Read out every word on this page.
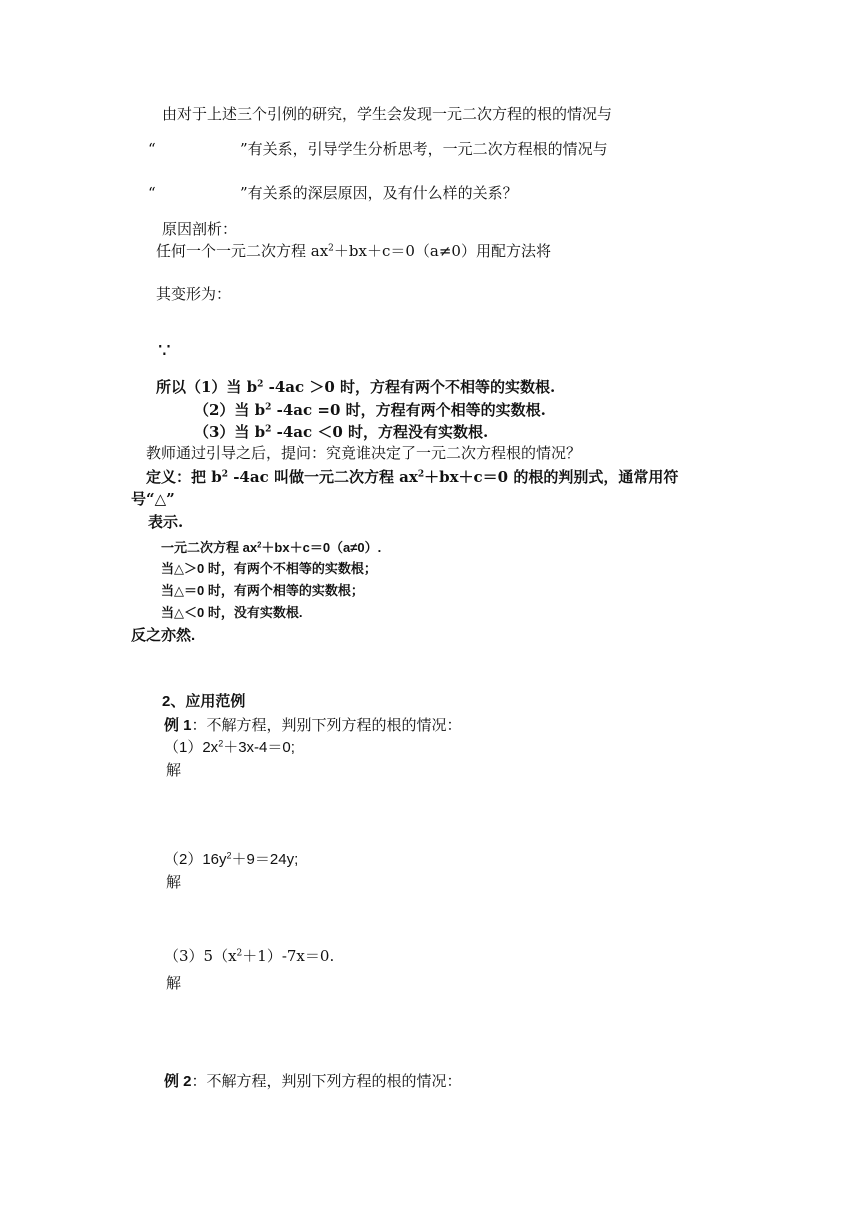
由对于上述三个引例的研究，学生会发现一元二次方程的根的情况与
“	”有关系，引导学生分析思考，一元二次方程根的情况与
“	”有关系的深层原因，及有什么样的关系？
原因剖析：
任何一个一元二次方程 $ax^2+bx+c=0(a\ne 0)$用配方法将
其变形为：
∵
所以（1）当 $b^2$ -4ac ＞0 时，方程有两个不相等的实数根.
（2）当 $b^2$ -4ac =0 时，方程有两个相等的实数根.
（3）当 $b^2$ -4ac ＜0 时，方程没有实数根.
教师通过引导之后，提问：究竟谁决定了一元二次方程根的情况？
定义：把 $b^2$ -4ac 叫做一元二次方程 $ax^2+bx+c=0$ 的根的判别式，通常用符
号“△”
表示.
一元二次方程 $ax^2+bx+c=0(a\ne 0)$.
当△＞0 时，有两个不相等的实数根；
当△＝0 时，有两个相等的实数根；
当△＜0 时，没有实数根.
反之亦然.
2、应用范例
例 1：不解方程，判别下列方程的根的情况：
$(1)2x^2+3x-4=0$;
解
$(2)16y^2+9=24y$;
解
$(3)5(x^2+1)-7x=0$.
解
例 2：不解方程，判别下列方程的根的情况：
